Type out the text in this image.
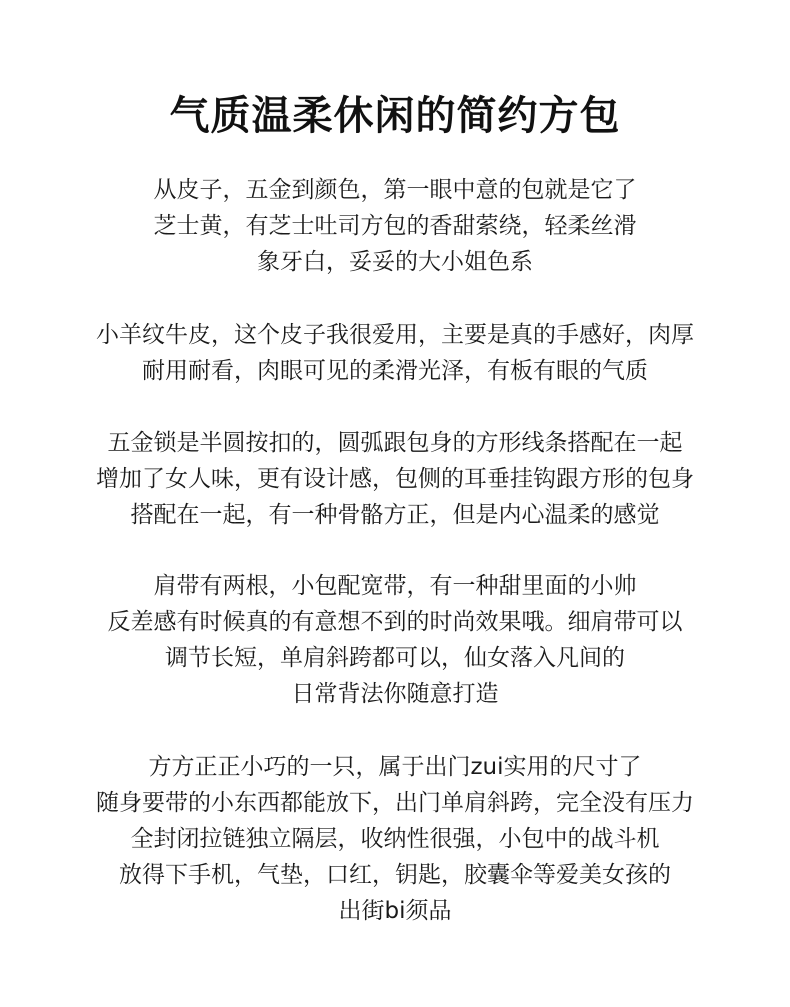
气质温柔休闲的简约方包
从皮子，五金到颜色，第一眼中意的包就是它了
芝士黄，有芝士吐司方包的香甜萦绕，轻柔丝滑
象牙白，妥妥的大小姐色系
小羊纹牛皮，这个皮子我很爱用，主要是真的手感好，肉厚
耐用耐看，肉眼可见的柔滑光泽，有板有眼的气质
五金锁是半圆按扣的，圆弧跟包身的方形线条搭配在一起
增加了女人味，更有设计感，包侧的耳垂挂钩跟方形的包身
搭配在一起，有一种骨骼方正，但是内心温柔的感觉
肩带有两根，小包配宽带，有一种甜里面的小帅
反差感有时候真的有意想不到的时尚效果哦。细肩带可以
调节长短，单肩斜跨都可以，仙女落入凡间的
日常背法你随意打造
方方正正小巧的一只，属于出门zui实用的尺寸了
随身要带的小东西都能放下，出门单肩斜跨，完全没有压力
全封闭拉链独立隔层，收纳性很强，小包中的战斗机
放得下手机，气垫，口红，钥匙，胶囊伞等爱美女孩的
出街bi须品
